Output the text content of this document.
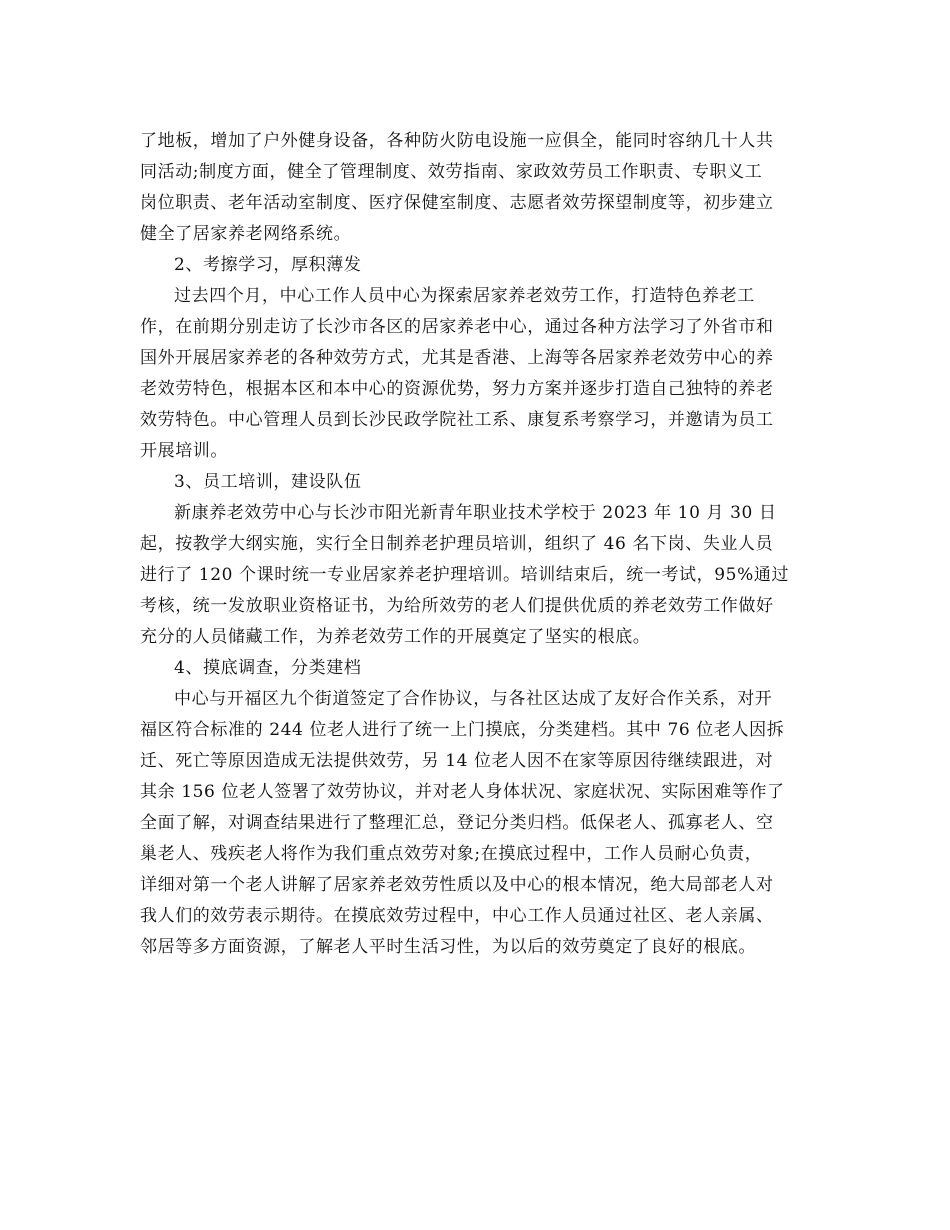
了地板，增加了户外健身设备，各种防火防电设施一应俱全，能同时容纳几十人共
同活动;制度方面，健全了管理制度、效劳指南、家政效劳员工作职责、专职义工
岗位职责、老年活动室制度、医疗保健室制度、志愿者效劳探望制度等，初步建立
健全了居家养老网络系统。
2、考擦学习，厚积薄发
过去四个月，中心工作人员中心为探索居家养老效劳工作，打造特色养老工
作，在前期分别走访了长沙市各区的居家养老中心，通过各种方法学习了外省市和
国外开展居家养老的各种效劳方式，尤其是香港、上海等各居家养老效劳中心的养
老效劳特色，根据本区和本中心的资源优势，努力方案并逐步打造自己独特的养老
效劳特色。中心管理人员到长沙民政学院社工系、康复系考察学习，并邀请为员工
开展培训。
3、员工培训，建设队伍
新康养老效劳中心与长沙市阳光新青年职业技术学校于 2023 年 10 月 30 日
起，按教学大纲实施，实行全日制养老护理员培训，组织了 46 名下岗、失业人员
进行了 120 个课时统一专业居家养老护理培训。培训结束后，统一考试，95%通过
考核，统一发放职业资格证书，为给所效劳的老人们提供优质的养老效劳工作做好
充分的人员储藏工作，为养老效劳工作的开展奠定了坚实的根底。
4、摸底调查，分类建档
中心与开福区九个街道签定了合作协议，与各社区达成了友好合作关系，对开
福区符合标准的 244 位老人进行了统一上门摸底，分类建档。其中 76 位老人因拆
迁、死亡等原因造成无法提供效劳，另 14 位老人因不在家等原因待继续跟进，对
其余 156 位老人签署了效劳协议，并对老人身体状况、家庭状况、实际困难等作了
全面了解，对调查结果进行了整理汇总，登记分类归档。低保老人、孤寡老人、空
巢老人、残疾老人将作为我们重点效劳对象;在摸底过程中，工作人员耐心负责，
详细对第一个老人讲解了居家养老效劳性质以及中心的根本情况，绝大局部老人对
我人们的效劳表示期待。在摸底效劳过程中，中心工作人员通过社区、老人亲属、
邻居等多方面资源，了解老人平时生活习性，为以后的效劳奠定了良好的根底。
